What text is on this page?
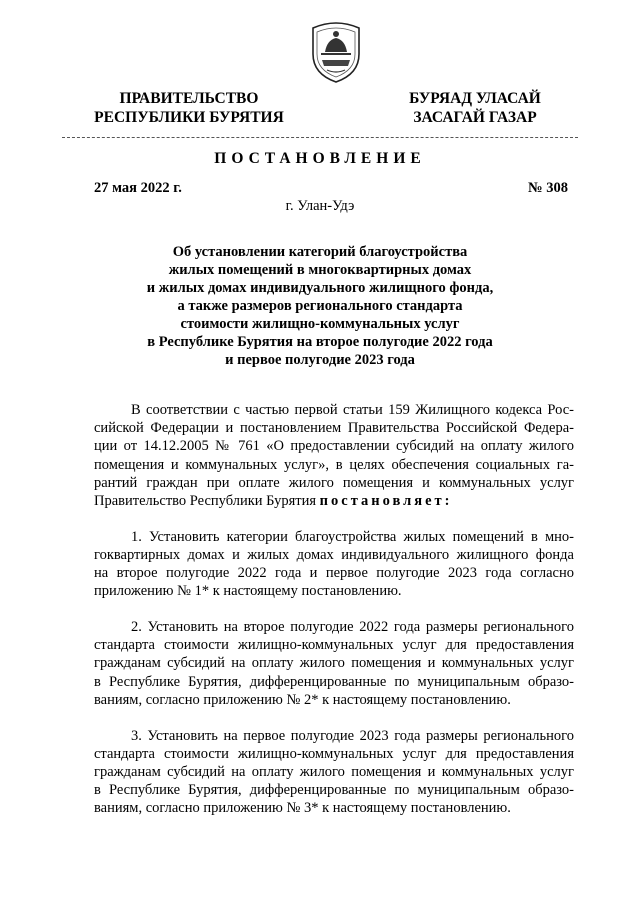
ПРАВИТЕЛЬСТВО
РЕСПУБЛИКИ БУРЯТИЯ
БУРЯАД УЛАСАЙ
ЗАСАГАЙ ГАЗАР
ПОСТАНОВЛЕНИЕ
27 мая 2022 г.	№ 308
г. Улан-Удэ
Об установлении категорий благоустройства
жилых помещений в многоквартирных домах
и жилых домах индивидуального жилищного фонда,
а также размеров регионального стандарта
стоимости жилищно-коммунальных услуг
в Республике Бурятия на второе полугодие 2022 года
и первое полугодие 2023 года

В соответствии с частью первой статьи 159 Жилищного кодекса Рос-
сийской Федерации и постановлением Правительства Российской Федера-
ции от 14.12.2005 № 761 «О предоставлении субсидий на оплату жилого
помещения и коммунальных услуг», в целях обеспечения социальных га-
рантий граждан при оплате жилого помещения и коммунальных услуг
Правительство Республики Бурятия постановляет:

1. Установить категории благоустройства жилых помещений в мно-
гоквартирных домах и жилых домах индивидуального жилищного фонда
на второе полугодие 2022 года и первое полугодие 2023 года согласно
приложению № 1* к настоящему постановлению.

2. Установить на второе полугодие 2022 года размеры регионального
стандарта стоимости жилищно-коммунальных услуг для предоставления
гражданам субсидий на оплату жилого помещения и коммунальных услуг
в Республике Бурятия, дифференцированные по муниципальным образо-
ваниям, согласно приложению № 2* к настоящему постановлению.

3. Установить на первое полугодие 2023 года размеры регионального
стандарта стоимости жилищно-коммунальных услуг для предоставления
гражданам субсидий на оплату жилого помещения и коммунальных услуг
в Республике Бурятия, дифференцированные по муниципальным образо-
ваниям, согласно приложению № 3* к настоящему постановлению.
